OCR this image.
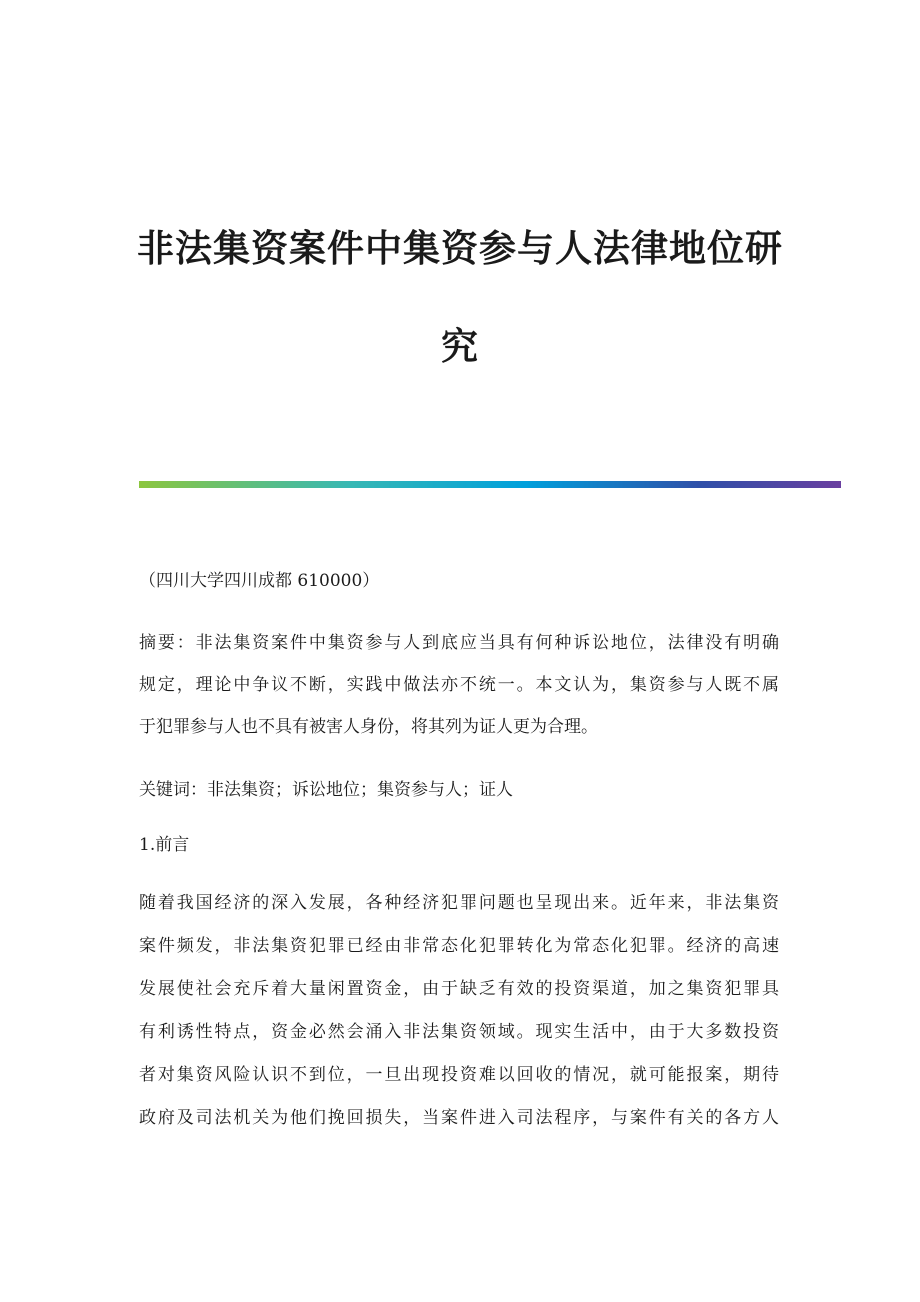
非法集资案件中集资参与人法律地位研
究

（四川大学四川成都 610000）

摘要：非法集资案件中集资参与人到底应当具有何种诉讼地位，法律没有明确
规定，理论中争议不断，实践中做法亦不统一。本文认为，集资参与人既不属
于犯罪参与人也不具有被害人身份，将其列为证人更为合理。

关键词：非法集资；诉讼地位；集资参与人；证人

1.前言

随着我国经济的深入发展，各种经济犯罪问题也呈现出来。近年来，非法集资
案件频发，非法集资犯罪已经由非常态化犯罪转化为常态化犯罪。经济的高速
发展使社会充斥着大量闲置资金，由于缺乏有效的投资渠道，加之集资犯罪具
有利诱性特点，资金必然会涌入非法集资领域。现实生活中，由于大多数投资
者对集资风险认识不到位，一旦出现投资难以回收的情况，就可能报案，期待
政府及司法机关为他们挽回损失，当案件进入司法程序，与案件有关的各方人
